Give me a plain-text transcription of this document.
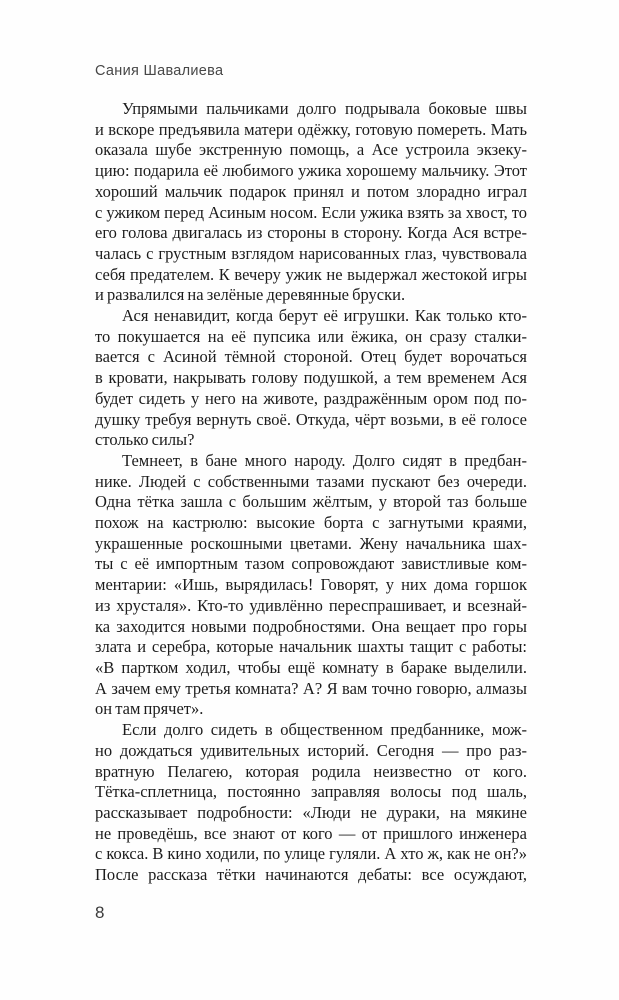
Сания Шавалиева

Упрямыми пальчиками долго подрывала боковые швы
и вскоре предъявила матери одёжку, готовую помереть. Мать
оказала шубе экстренную помощь, а Асе устроила экзеку-
цию: подарила её любимого ужика хорошему мальчику. Этот
хороший мальчик подарок принял и потом злорадно играл
с ужиком перед Асиным носом. Если ужика взять за хвост, то
его голова двигалась из стороны в сторону. Когда Ася встре-
чалась с грустным взглядом нарисованных глаз, чувствовала
себя предателем. К вечеру ужик не выдержал жестокой игры
и развалился на зелёные деревянные бруски.

Ася ненавидит, когда берут её игрушки. Как только кто-
то покушается на её пупсика или ёжика, он сразу сталки-
вается с Асиной тёмной стороной. Отец будет ворочаться
в кровати, накрывать голову подушкой, а тем временем Ася
будет сидеть у него на животе, раздражённым ором под по-
душку требуя вернуть своё. Откуда, чёрт возьми, в её голосе
столько силы?

Темнеет, в бане много народу. Долго сидят в предбан-
нике. Людей с собственными тазами пускают без очереди.
Одна тётка зашла с большим жёлтым, у второй таз больше
похож на кастрюлю: высокие борта с загнутыми краями,
украшенные роскошными цветами. Жену начальника шах-
ты с её импортным тазом сопровождают завистливые ком-
ментарии: «Ишь, вырядилась! Говорят, у них дома горшок
из хрусталя». Кто-то удивлённо переспрашивает, и всезнай-
ка заходится новыми подробностями. Она вещает про горы
злата и серебра, которые начальник шахты тащит с работы:
«В партком ходил, чтобы ещё комнату в бараке выделили.
А зачем ему третья комната? А? Я вам точно говорю, алмазы
он там прячет».

Если долго сидеть в общественном предбаннике, мож-
но дождаться удивительных историй. Сегодня — про раз-
вратную Пелагею, которая родила неизвестно от кого.
Тётка-сплетница, постоянно заправляя волосы под шаль,
рассказывает подробности: «Люди не дураки, на мякине
не проведёшь, все знают от кого — от пришлого инженера
с кокса. В кино ходили, по улице гуляли. А хто ж, как не он?»
После рассказа тётки начинаются дебаты: все осуждают,

8
